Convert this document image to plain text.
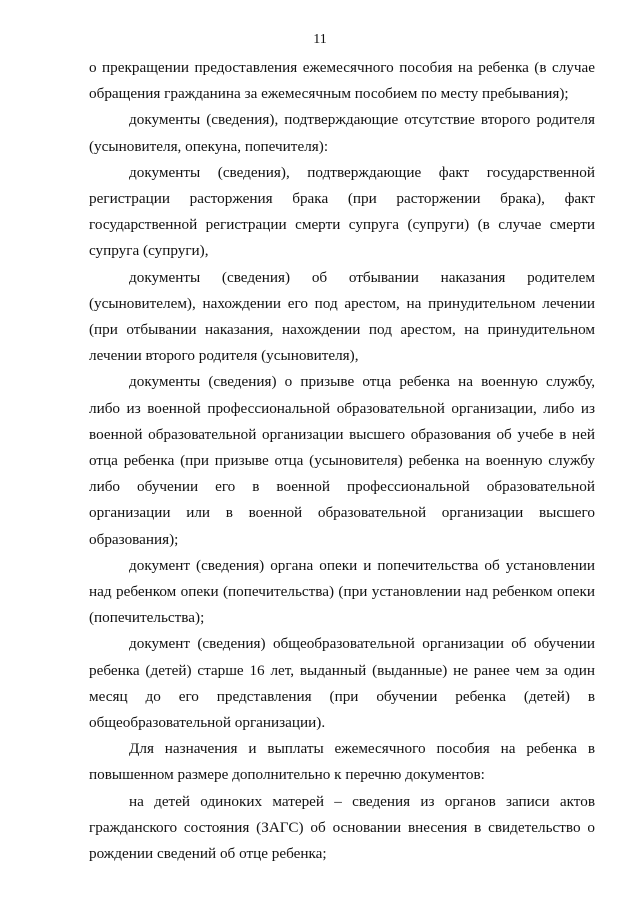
11

о прекращении предоставления ежемесячного пособия на ребенка (в случае обращения гражданина за ежемесячным пособием по месту пребывания);

документы (сведения), подтверждающие отсутствие второго родителя (усыновителя, опекуна, попечителя):

документы (сведения), подтверждающие факт государственной регистрации расторжения брака (при расторжении брака), факт государственной регистрации смерти супруга (супруги) (в случае смерти супруга (супруги),

документы (сведения) об отбывании наказания родителем (усыновителем), нахождении его под арестом, на принудительном лечении (при отбывании наказания, нахождении под арестом, на принудительном лечении второго родителя (усыновителя),

документы (сведения) о призыве отца ребенка на военную службу, либо из военной профессиональной образовательной организации, либо из военной образовательной организации высшего образования об учебе в ней отца ребенка (при призыве отца (усыновителя) ребенка на военную службу либо обучении его в военной профессиональной образовательной организации или в военной образовательной организации высшего образования);

документ (сведения) органа опеки и попечительства об установлении над ребенком опеки (попечительства) (при установлении над ребенком опеки (попечительства);

документ (сведения) общеобразовательной организации об обучении ребенка (детей) старше 16 лет, выданный (выданные) не ранее чем за один месяц до его представления (при обучении ребенка (детей) в общеобразовательной организации).

Для назначения и выплаты ежемесячного пособия на ребенка в повышенном размере дополнительно к перечню документов:

на детей одиноких матерей – сведения из органов записи актов гражданского состояния (ЗАГС) об основании внесения в свидетельство о рождении сведений об отце ребенка;
